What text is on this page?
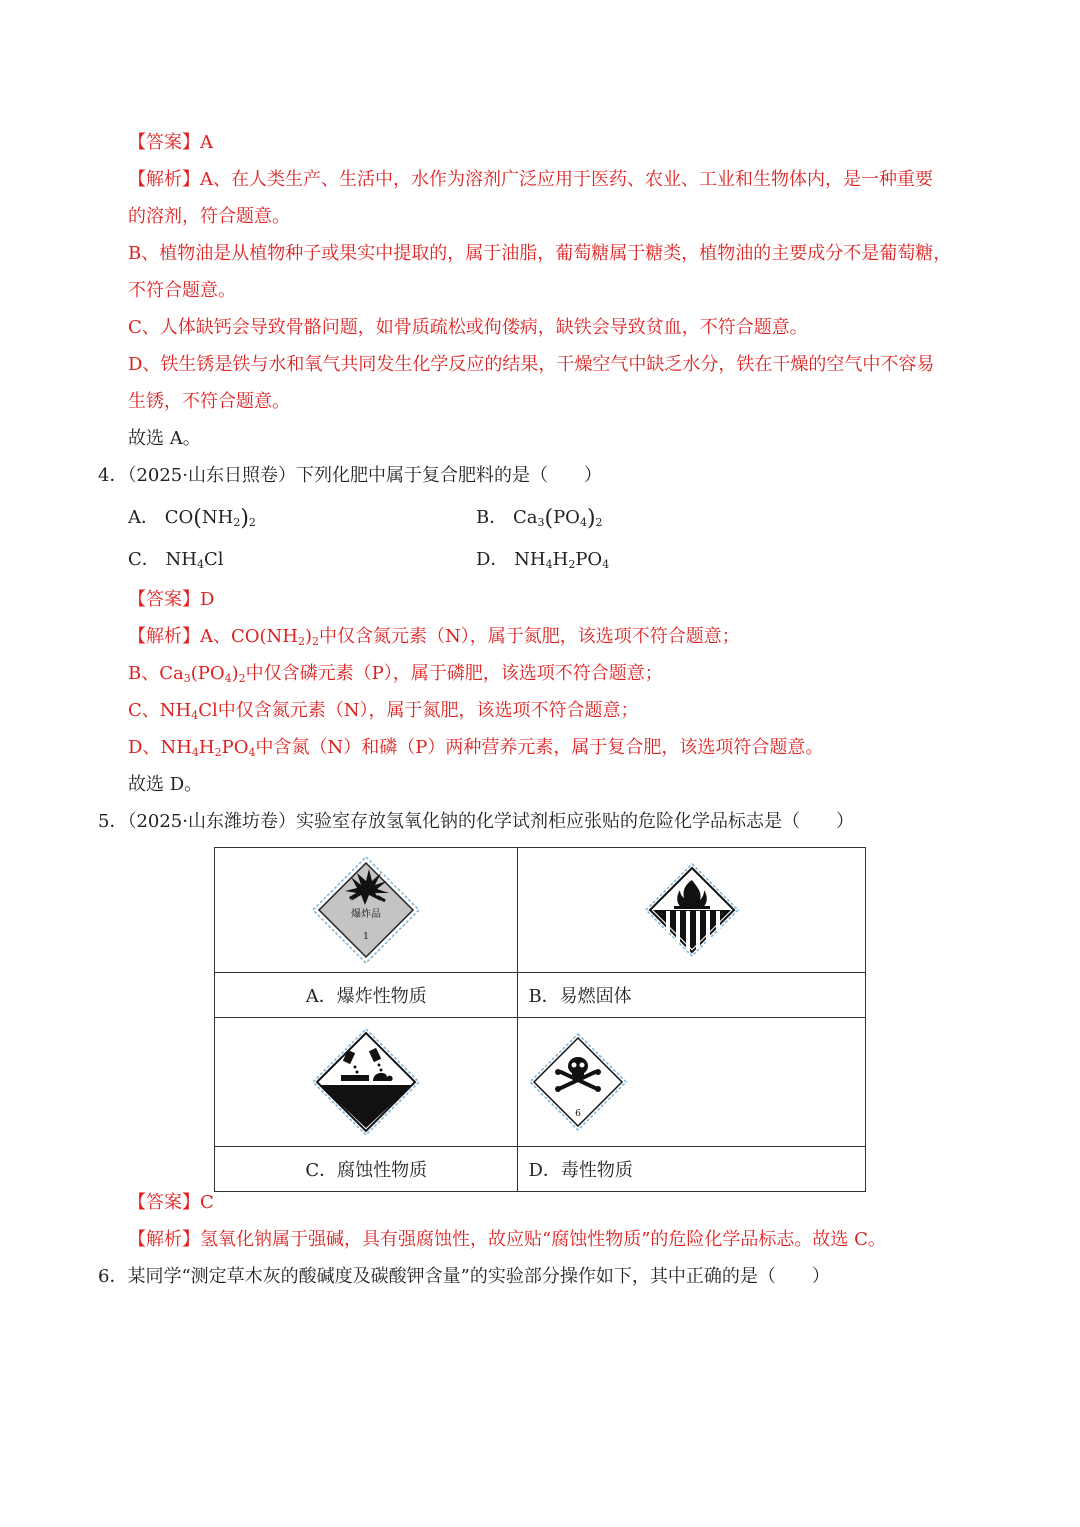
【答案】A
【解析】A、在人类生产、生活中，水作为溶剂广泛应用于医药、农业、工业和生物体内，是一种重要
的溶剂，符合题意。
B、植物油是从植物种子或果实中提取的，属于油脂，葡萄糖属于糖类，植物油的主要成分不是葡萄糖，
不符合题意。
C、人体缺钙会导致骨骼问题，如骨质疏松或佝偻病，缺铁会导致贫血，不符合题意。
D、铁生锈是铁与水和氧气共同发生化学反应的结果，干燥空气中缺乏水分，铁在干燥的空气中不容易
生锈，不符合题意。
故选 A。
4．（2025·山东日照卷）下列化肥中属于复合肥料的是（　　）
A． $CO(NH_2)_2$	B． $Ca_3(PO_4)_2$
C． $NH_4Cl$	D． $NH_4H_2PO_4$
【答案】D
【解析】A、$CO(NH_2)_2$中仅含氮元素（N），属于氮肥，该选项不符合题意；
B、$Ca_3(PO_4)_2$中仅含磷元素（P），属于磷肥，该选项不符合题意；
C、$NH_4Cl$中仅含氮元素（N），属于氮肥，该选项不符合题意；
D、$NH_4H_2PO_4$中含氮（N）和磷（P）两种营养元素，属于复合肥，该选项符合题意。
故选 D。
5．（2025·山东潍坊卷）实验室存放氢氧化钠的化学试剂柜应张贴的危险化学品标志是（　　）
爆炸品
1

A．爆炸性物质	B．易燃固体

6

C．腐蚀性物质	D．毒性物质
【答案】C
【解析】氢氧化钠属于强碱，具有强腐蚀性，故应贴“腐蚀性物质”的危险化学品标志。故选 C。
6．某同学“测定草木灰的酸碱度及碳酸钾含量”的实验部分操作如下，其中正确的是（　　）
